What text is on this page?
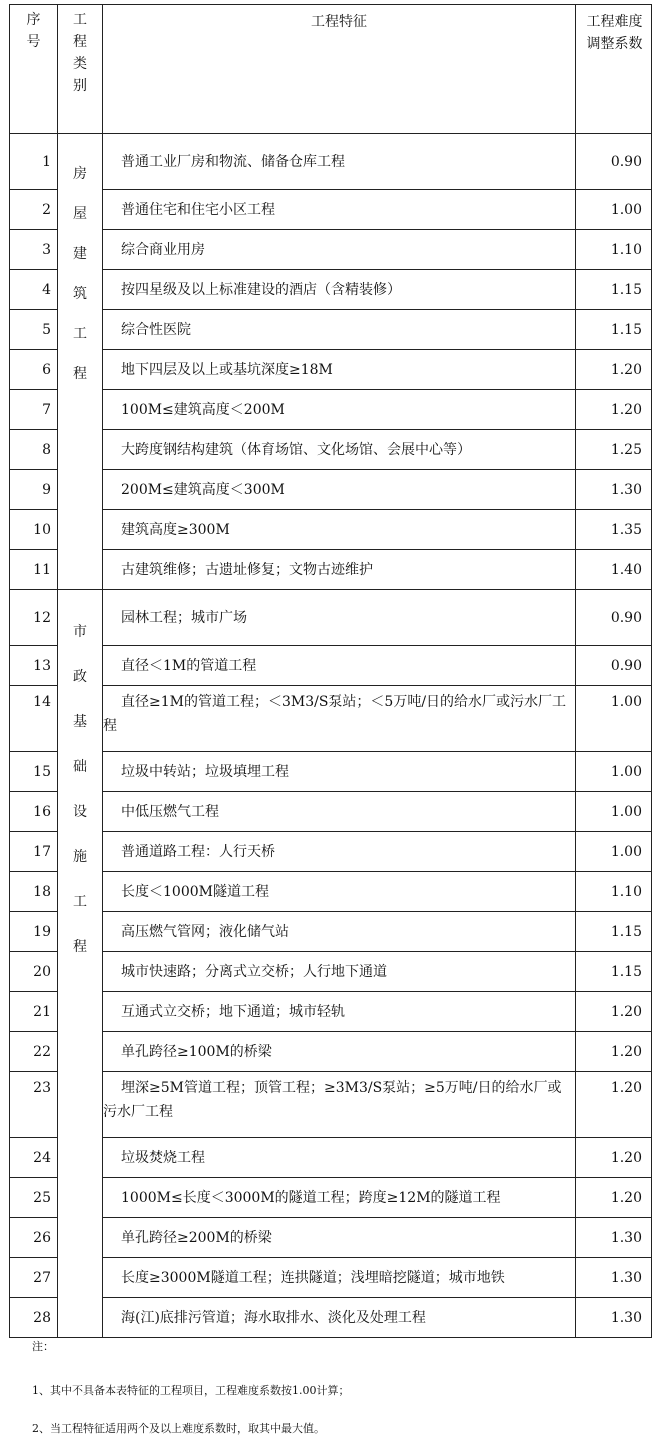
序号	工程类别	工程特征	工程难度调整系数

1	房屋建筑工程	普通工业厂房和物流、储备仓库工程	0.90
2		普通住宅和住宅小区工程	1.00
3		综合商业用房	1.10
4		按四星级及以上标准建设的酒店（含精装修）	1.15
5		综合性医院	1.15
6		地下四层及以上或基坑深度≥18M	1.20
7		100M≤建筑高度＜200M	1.20
8		大跨度钢结构建筑（体育场馆、文化场馆、会展中心等）	1.25
9		200M≤建筑高度＜300M	1.30
10		建筑高度≥300M	1.35
11		古建筑维修；古遗址修复；文物古迹维护	1.40
12	市政基础设施工程	园林工程；城市广场	0.90
13		直径＜1M的管道工程	0.90
14		直径≥1M的管道工程；＜3M3/S泵站；＜5万吨/日的给水厂或污水厂工程	1.00
15		垃圾中转站；垃圾填埋工程	1.00
16		中低压燃气工程	1.00
17		普通道路工程：人行天桥	1.00
18		长度＜1000M隧道工程	1.10
19		高压燃气管网；液化储气站	1.15
20		城市快速路；分离式立交桥；人行地下通道	1.15
21		互通式立交桥；地下通道；城市轻轨	1.20
22		单孔跨径≥100M的桥梁	1.20
23		埋深≥5M管道工程；顶管工程；≥3M3/S泵站；≥5万吨/日的给水厂或污水厂工程	1.20
24		垃圾焚烧工程	1.20
25		1000M≤长度＜3000M的隧道工程；跨度≥12M的隧道工程	1.20
26		单孔跨径≥200M的桥梁	1.30
27		长度≥3000M隧道工程；连拱隧道；浅埋暗挖隧道；城市地铁	1.30
28		海(江)底排污管道；海水取排水、淡化及处理工程	1.30
注：
1、其中不具备本表特征的工程项目，工程难度系数按1.00计算；
2、当工程特征适用两个及以上难度系数时，取其中最大值。
